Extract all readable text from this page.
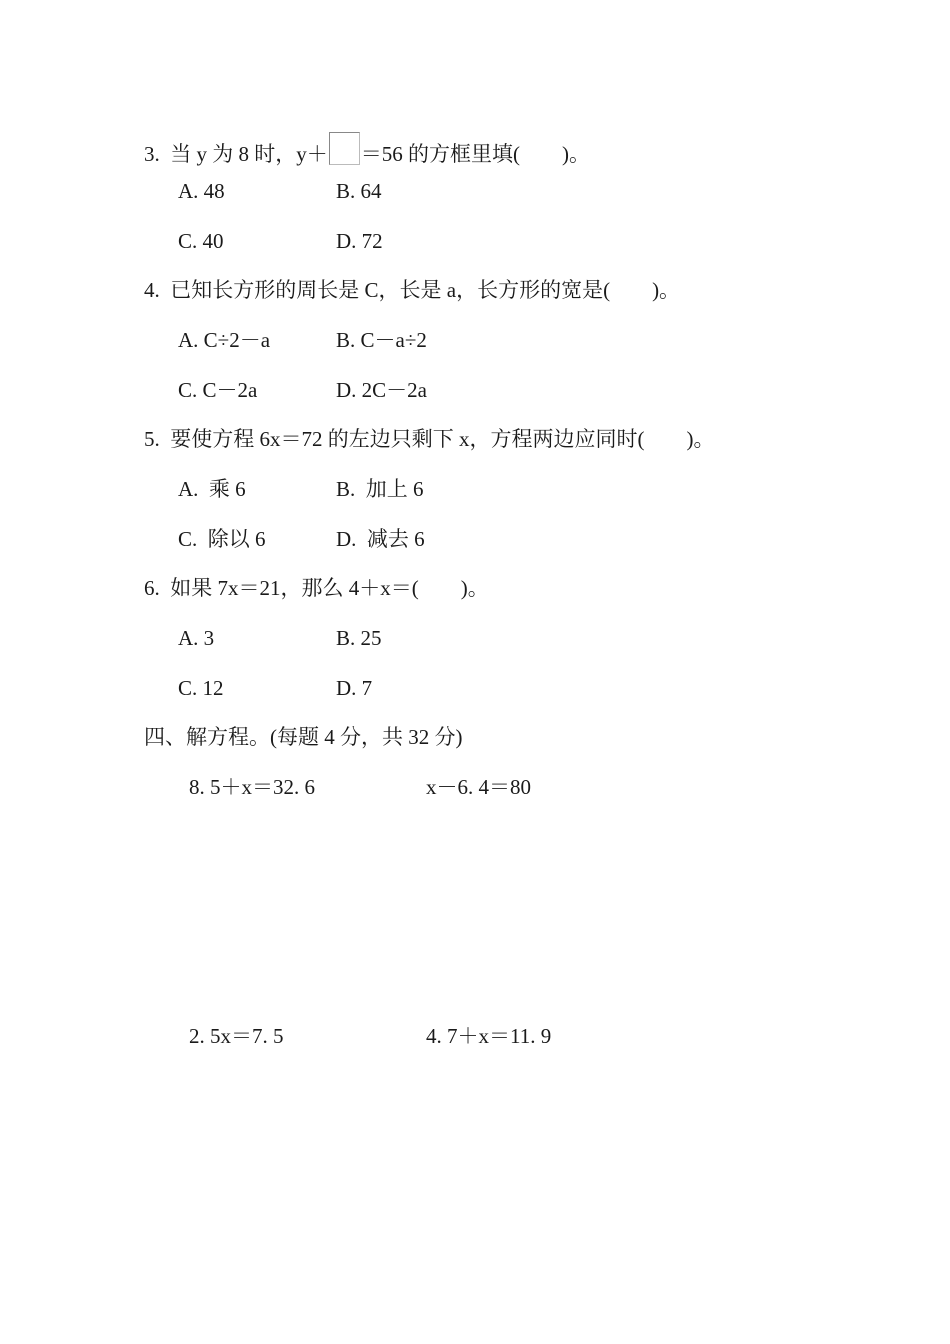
3.  当 y 为 8 时，y＋ ＝56 的方框里填(        )。
A. 48	B. 64
C. 40	D. 72
4.  已知长方形的周长是 C，长是 a，长方形的宽是(        )。
A. C÷2－a	B. C－a÷2
C. C－2a	D. 2C－2a
5.  要使方程 6x＝72 的左边只剩下 x，方程两边应同时(        )。
A.  乘 6	B.  加上 6
C.  除以 6	D.  减去 6
6.  如果 7x＝21，那么 4＋x＝(        )。
A. 3	B. 25
C. 12	D. 7
四、解方程。(每题 4 分，共 32 分)
8. 5＋x＝32. 6	x－6. 4＝80
2. 5x＝7. 5	4. 7＋x＝11. 9
